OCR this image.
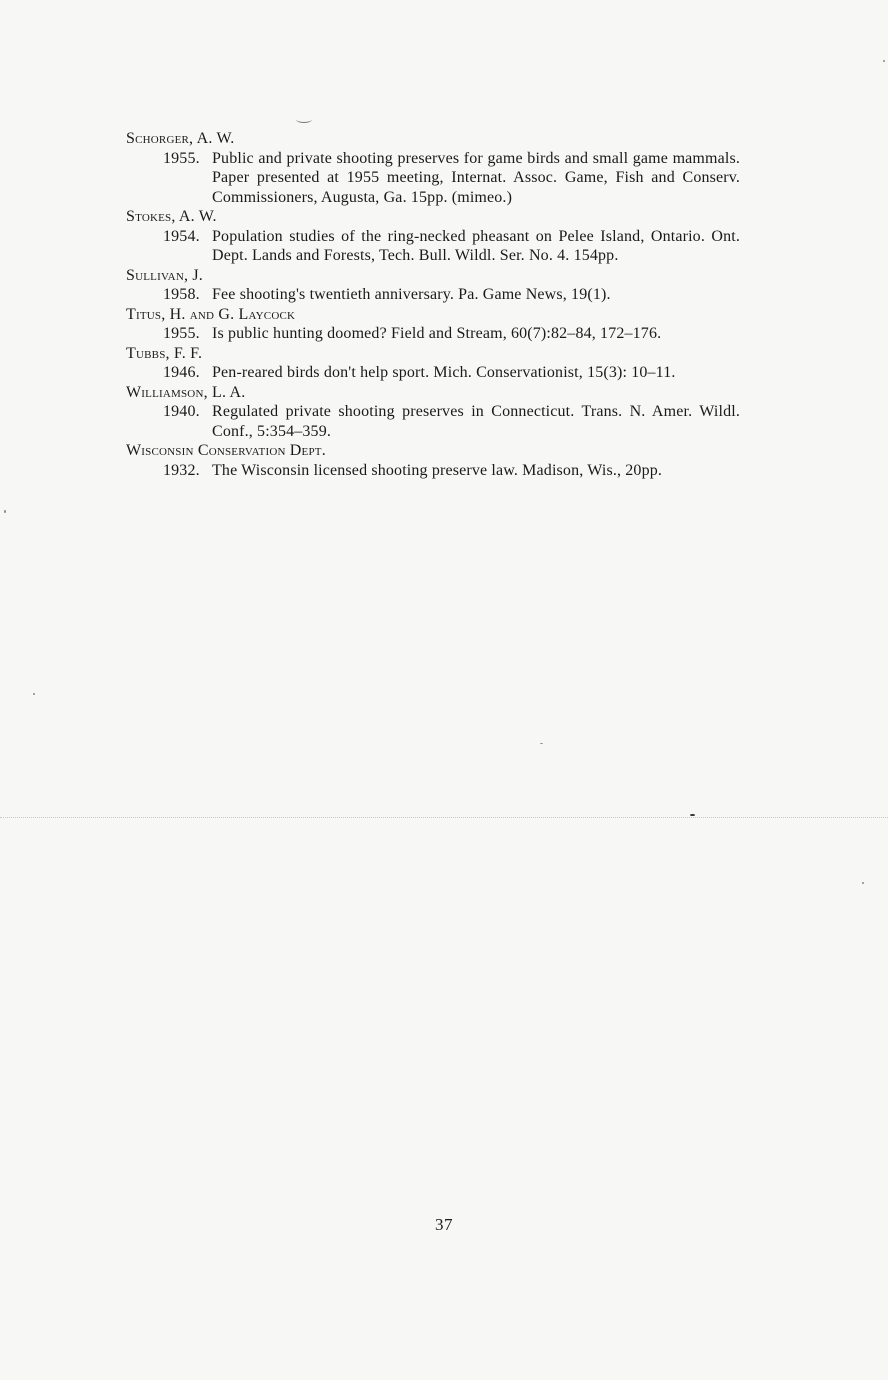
Schorger, A. W.
1955. Public and private shooting preserves for game birds and small game mammals. Paper presented at 1955 meeting, Internat. Assoc. Game, Fish and Conserv. Commissioners, Augusta, Ga. 15pp. (mimeo.)
Stokes, A. W.
1954. Population studies of the ring-necked pheasant on Pelee Island, Ontario. Ont. Dept. Lands and Forests, Tech. Bull. Wildl. Ser. No. 4. 154pp.
Sullivan, J.
1958. Fee shooting's twentieth anniversary. Pa. Game News, 19(1).
Titus, H. and G. Laycock
1955. Is public hunting doomed? Field and Stream, 60(7):82–84, 172–176.
Tubbs, F. F.
1946. Pen-reared birds don't help sport. Mich. Conservationist, 15(3): 10–11.
Williamson, L. A.
1940. Regulated private shooting preserves in Connecticut. Trans. N. Amer. Wildl. Conf., 5:354–359.
Wisconsin Conservation Dept.
1932. The Wisconsin licensed shooting preserve law. Madison, Wis., 20pp.
37
